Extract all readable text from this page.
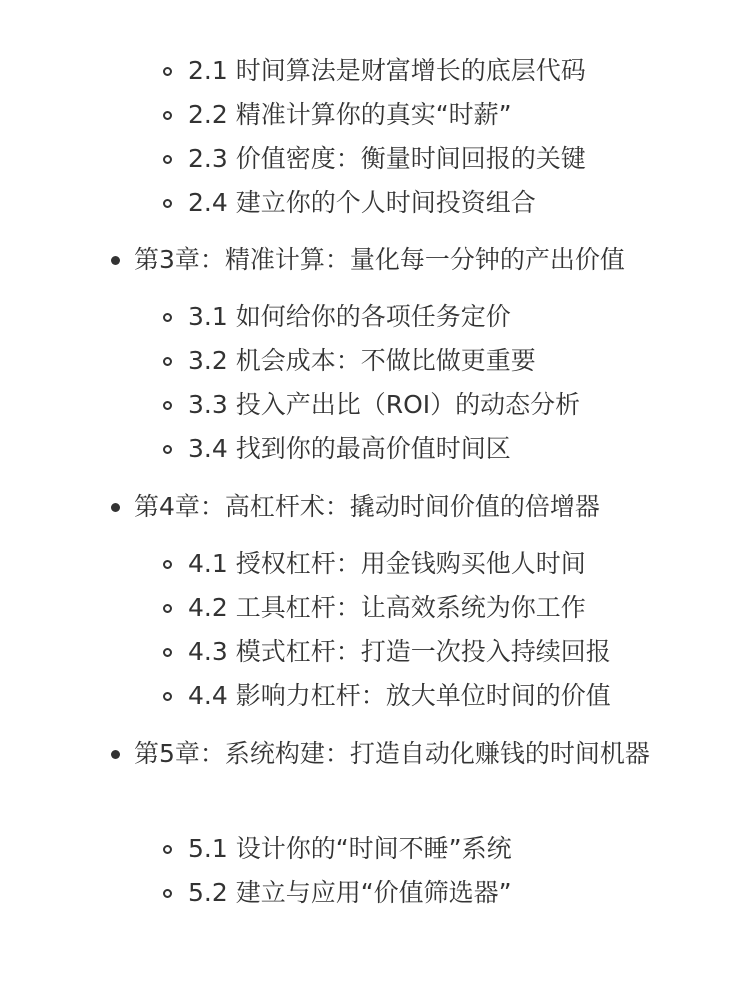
2.1 时间算法是财富增长的底层代码
2.2 精准计算你的真实“时薪”
2.3 价值密度：衡量时间回报的关键
2.4 建立你的个人时间投资组合
第3章：精准计算：量化每一分钟的产出价值
3.1 如何给你的各项任务定价
3.2 机会成本：不做比做更重要
3.3 投入产出比（ROI）的动态分析
3.4 找到你的最高价值时间区
第4章：高杠杆术：撬动时间价值的倍增器
4.1 授权杠杆：用金钱购买他人时间
4.2 工具杠杆：让高效系统为你工作
4.3 模式杠杆：打造一次投入持续回报
4.4 影响力杠杆：放大单位时间的价值
第5章：系统构建：打造自动化赚钱的时间机器
5.1 设计你的“时间不睡”系统
5.2 建立与应用“价值筛选器”
